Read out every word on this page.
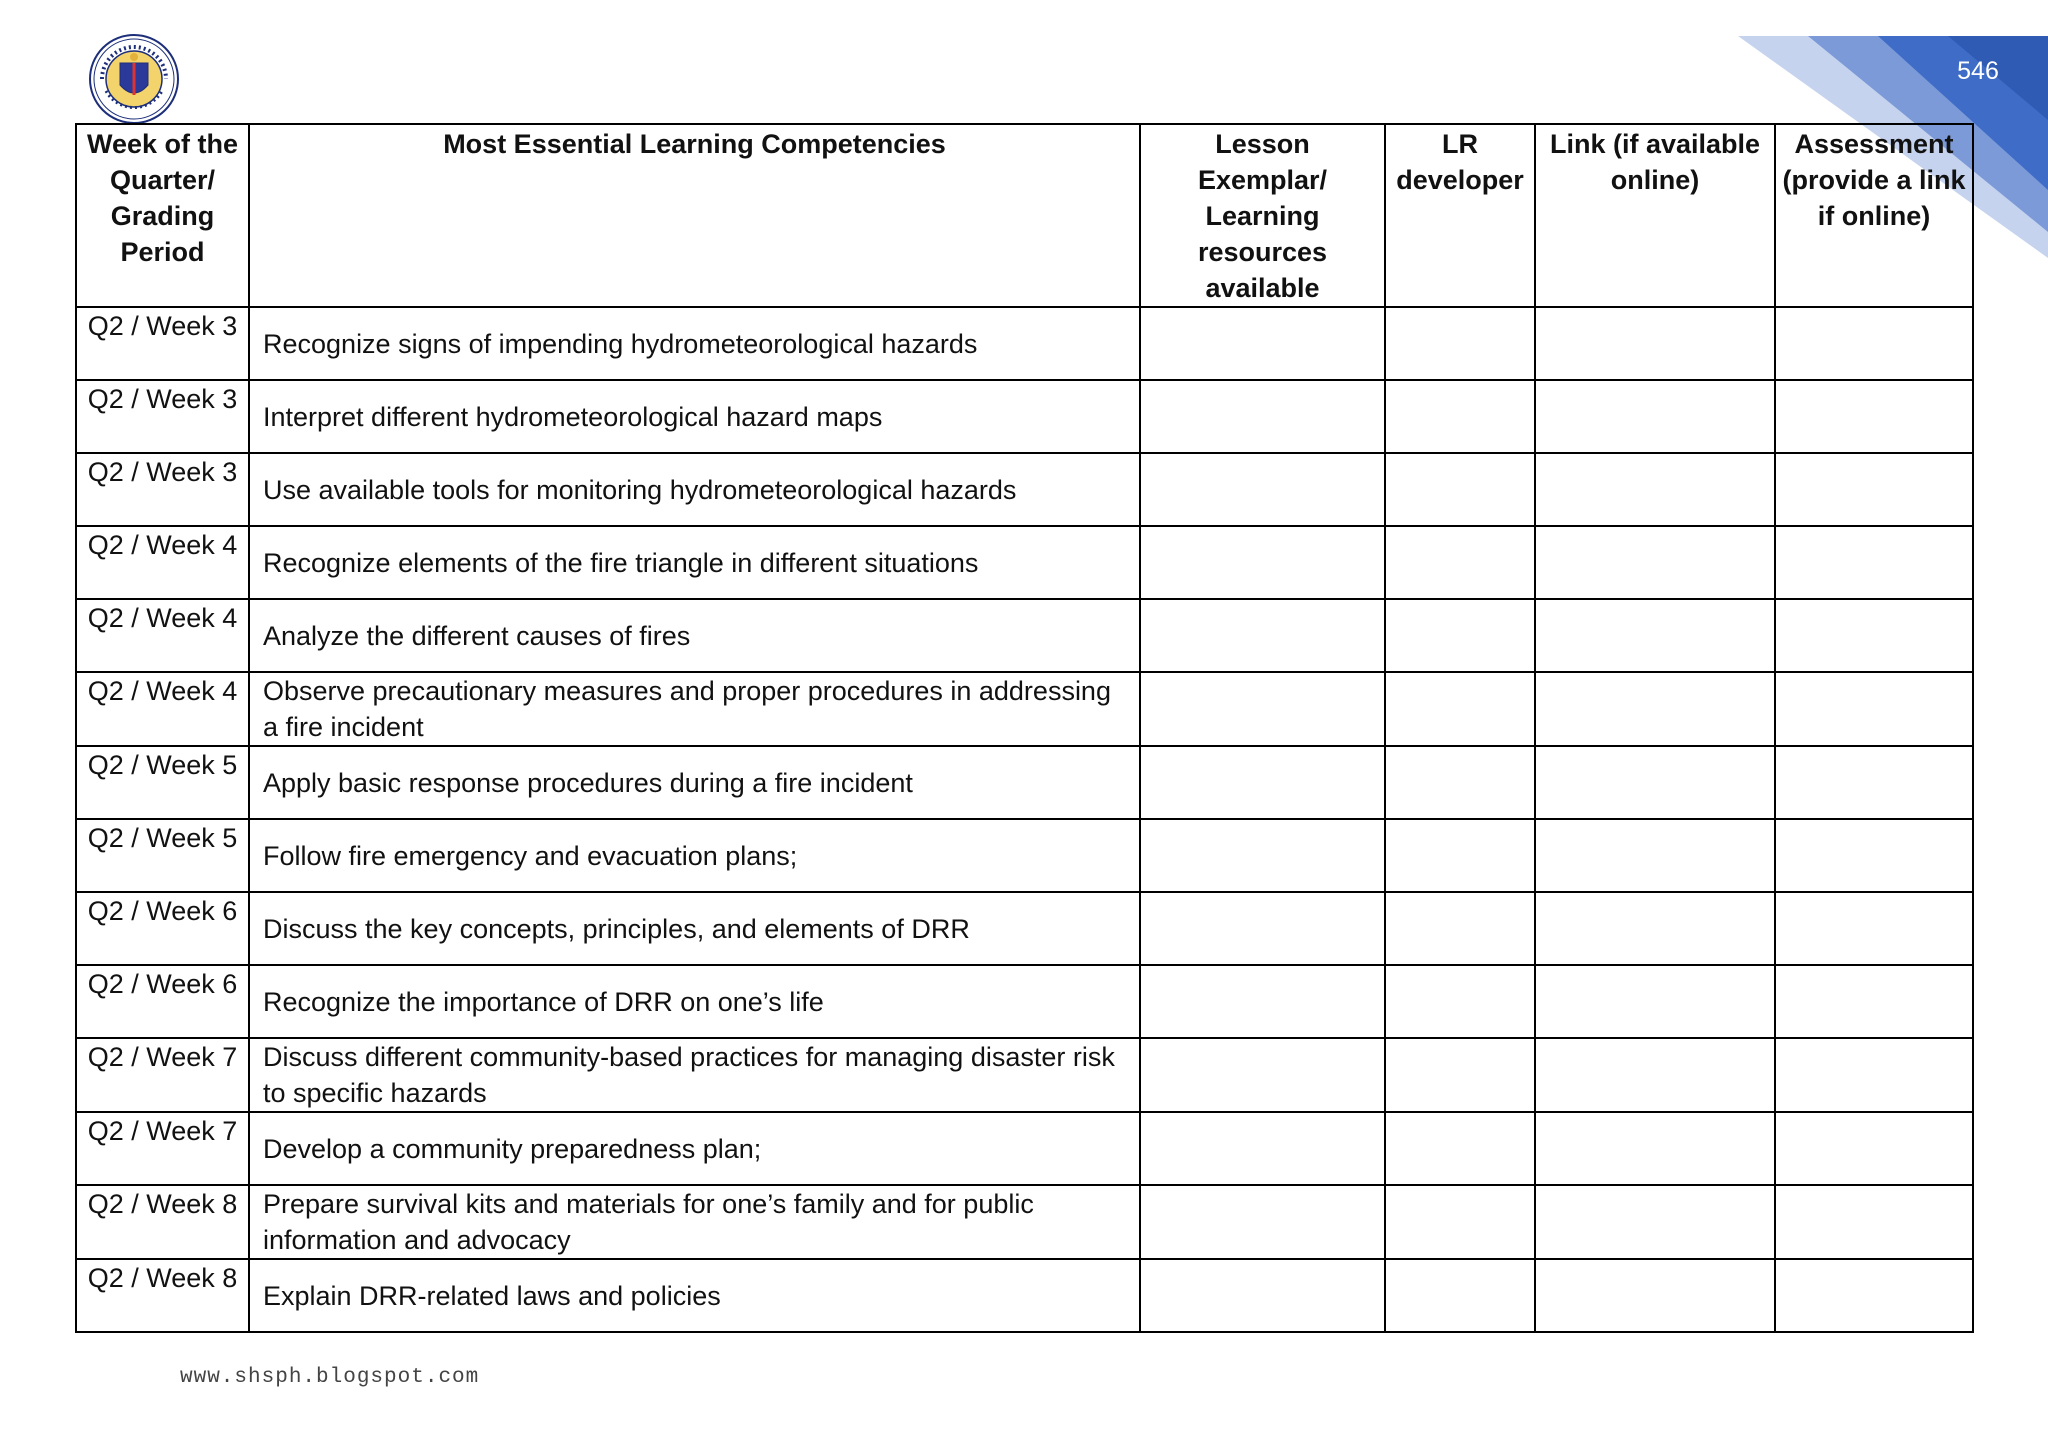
546
Week of the Quarter/ Grading Period	Most Essential Learning Competencies	Lesson Exemplar/ Learning resources available	LR developer	Link (if available online)	Assessment (provide a link if online)
Q2 / Week 3	Recognize signs of impending hydrometeorological hazards				
Q2 / Week 3	Interpret different hydrometeorological hazard maps				
Q2 / Week 3	Use available tools for monitoring hydrometeorological hazards				
Q2 / Week 4	Recognize elements of the fire triangle in different situations				
Q2 / Week 4	Analyze the different causes of fires				
Q2 / Week 4	Observe precautionary measures and proper procedures in addressing a fire incident				
Q2 / Week 5	Apply basic response procedures during a fire incident				
Q2 / Week 5	Follow fire emergency and evacuation plans;				
Q2 / Week 6	Discuss the key concepts, principles, and elements of DRR				
Q2 / Week 6	Recognize the importance of DRR on one’s life				
Q2 / Week 7	Discuss different community-based practices for managing disaster risk to specific hazards				
Q2 / Week 7	Develop a community preparedness plan;				
Q2 / Week 8	Prepare survival kits and materials for one’s family and for public information and advocacy				
Q2 / Week 8	Explain DRR-related laws and policies				
www.shsph.blogspot.com
